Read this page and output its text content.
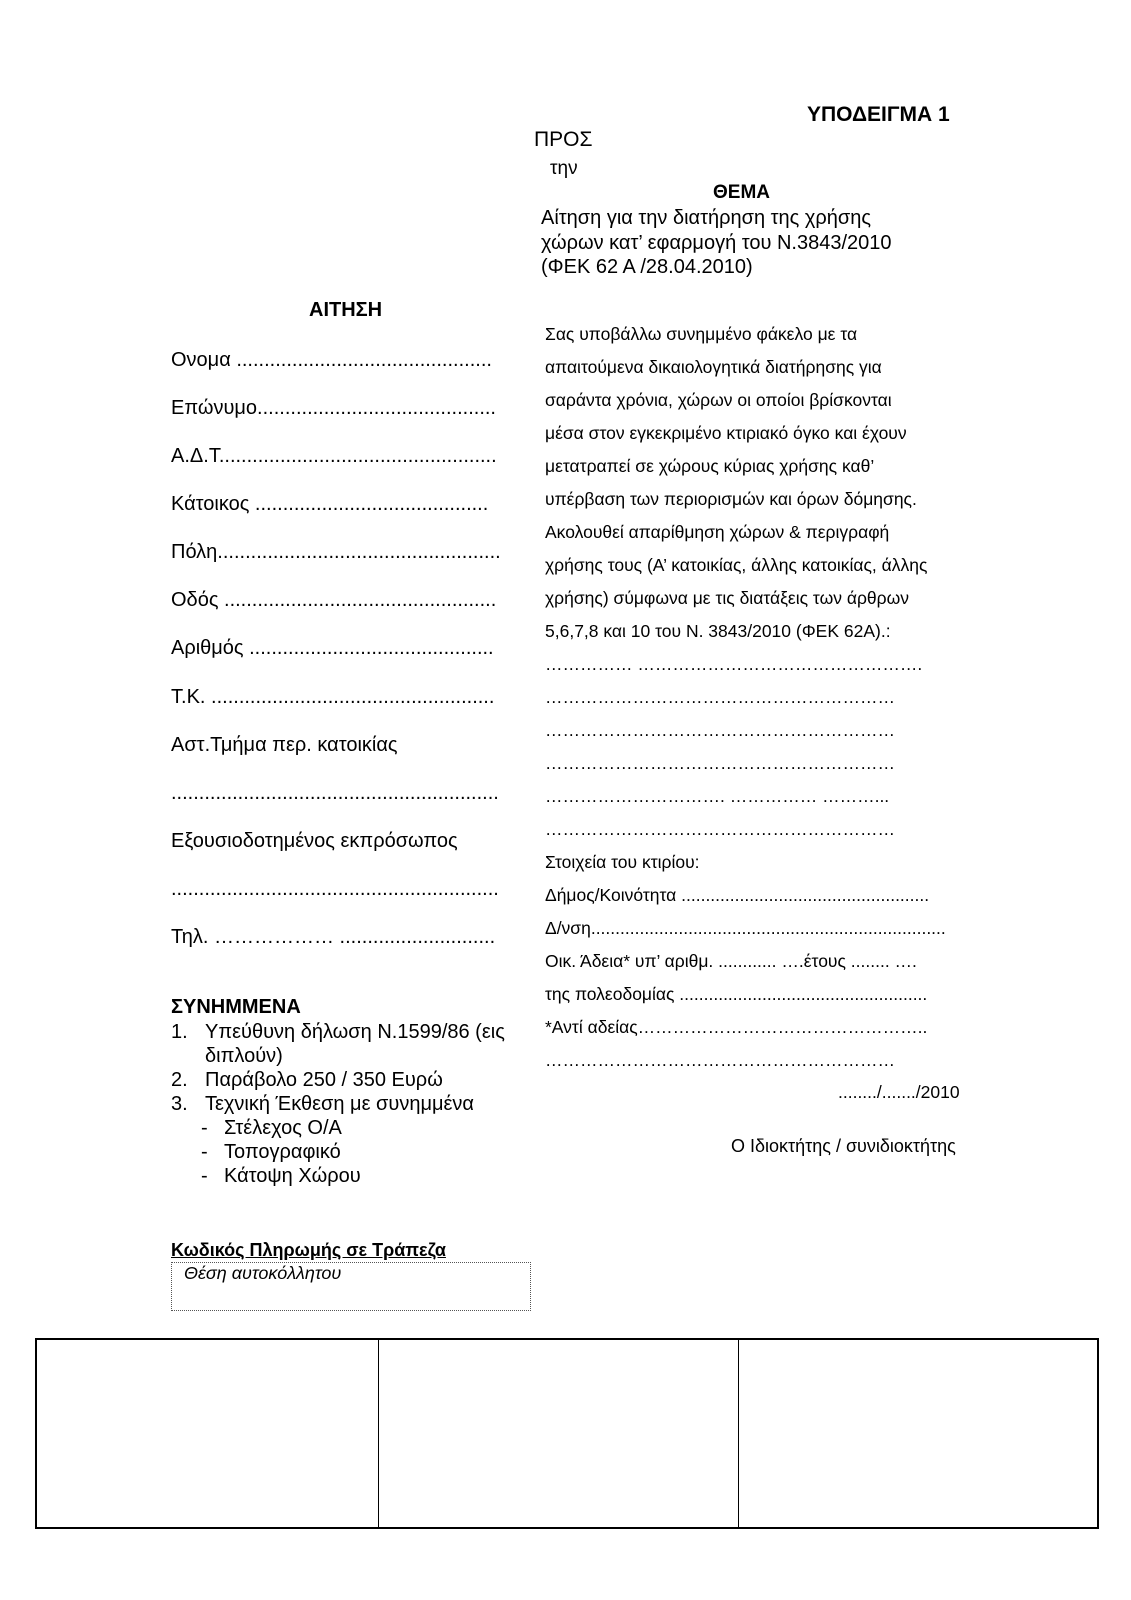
ΥΠΟΔΕΙΓΜΑ 1
ΠΡΟΣ
την
ΘΕΜΑ
Αίτηση για την διατήρηση της χρήσης
χώρων κατ’ εφαρμογή του Ν.3843/2010
(ΦΕΚ 62 Α /28.04.2010)
ΑΙΤΗΣΗ
Ονομα ..............................................
Επώνυμο...........................................
Α.Δ.Τ..................................................
Κάτοικος ..........................................
Πόλη...................................................
Οδός .................................................
Αριθμός ............................................
Τ.Κ. ...................................................
Αστ.Τμήμα περ. κατοικίας
...........................................................
Εξουσιοδοτημένος εκπρόσωπος
...........................................................
Τηλ. ……………… ............................
ΣΥΝΗΜΜΕΝΑ
1. Υπεύθυνη δήλωση Ν.1599/86 (εις
διπλούν)
2. Παράβολο 250 / 350 Ευρώ
3. Τεχνική Έκθεση με συνημμένα
- Στέλεχος Ο/Α
- Τοπογραφικό
- Κάτοψη Χώρου
Κωδικός Πληρωμής σε Τράπεζα
Θέση αυτοκόλλητου
Σας υποβάλλω συνημμένο φάκελο με τα
απαιτούμενα δικαιολογητικά διατήρησης για
σαράντα χρόνια, χώρων οι οποίοι βρίσκονται
μέσα στον εγκεκριμένο κτιριακό όγκο και έχουν
μετατραπεί σε χώρους κύριας χρήσης καθ’
υπέρβαση των περιορισμών και όρων δόμησης.
Ακολουθεί απαρίθμηση χώρων & περιγραφή
χρήσης τους (Α’ κατοικίας, άλλης κατοικίας, άλλης
χρήσης) σύμφωνα με τις διατάξεις των άρθρων
5,6,7,8 και 10 του Ν. 3843/2010 (ΦΕΚ 62Α).:
…………… ………………………………………….
……………………………………………………
……………………………………………………
……………………………………………………
…………………………. …………… ………...
……………………………………………………
Στοιχεία του κτιρίου:
Δήμος/Κοινότητα ...................................................
Δ/νση.........................................................................
Οικ. Άδεια* υπ’ αριθμ. ............ ….έτους ........ ….
της πολεοδομίας ...................................................
*Αντί αδείας…………………………………………..
……………………………………………………
......../......./2010
Ο Ιδιοκτήτης / συνιδιοκτήτης
